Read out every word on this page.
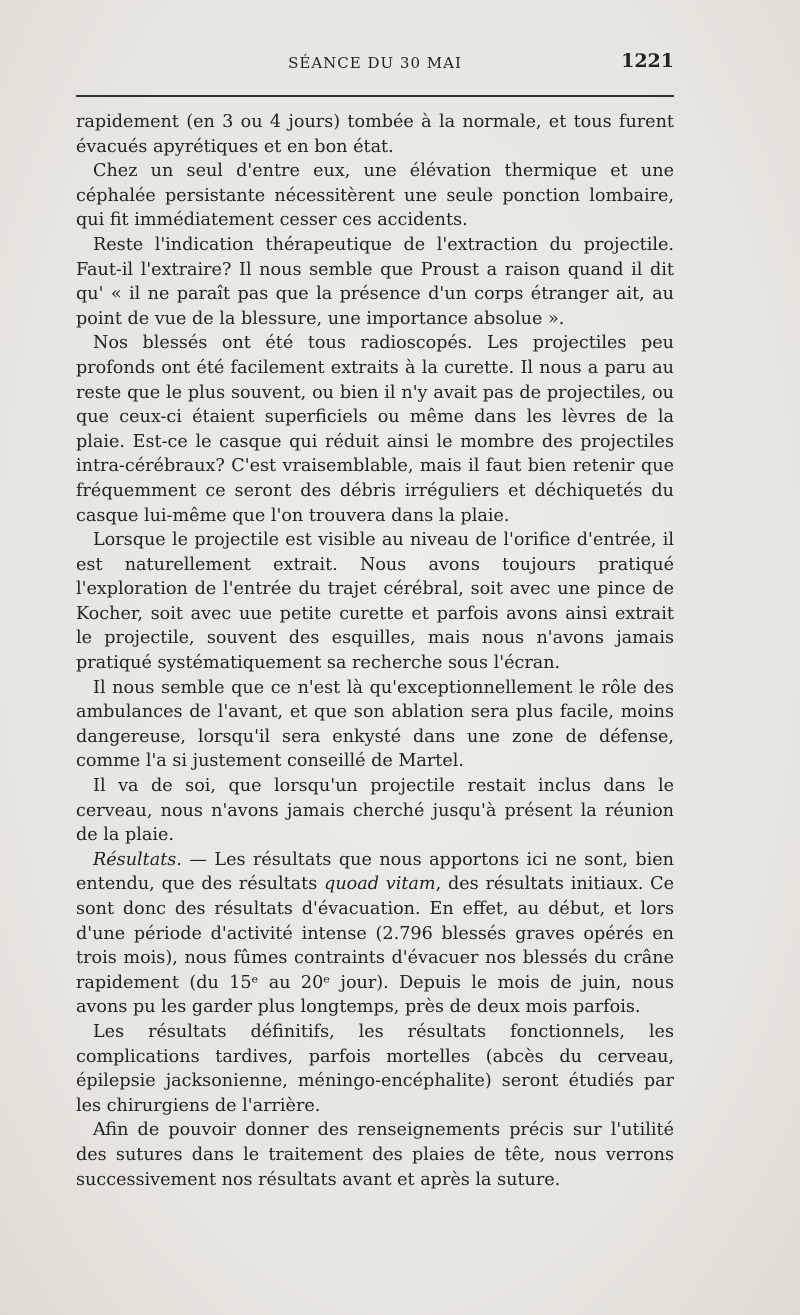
SÉANCE DU 30 MAI	1221

rapidement (en 3 ou 4 jours) tombée à la normale, et tous furent évacués apyrétiques et en bon état.

Chez un seul d'entre eux, une élévation thermique et une céphalée persistante nécessitèrent une seule ponction lombaire, qui fit immédiatement cesser ces accidents.

Reste l'indication thérapeutique de l'extraction du projectile. Faut-il l'extraire? Il nous semble que Proust a raison quand il dit qu' « il ne paraît pas que la présence d'un corps étranger ait, au point de vue de la blessure, une importance absolue ».

Nos blessés ont été tous radioscopés. Les projectiles peu profonds ont été facilement extraits à la curette. Il nous a paru au reste que le plus souvent, ou bien il n'y avait pas de projectiles, ou que ceux-ci étaient superficiels ou même dans les lèvres de la plaie. Est-ce le casque qui réduit ainsi le mombre des projectiles intra-cérébraux? C'est vraisemblable, mais il faut bien retenir que fréquemment ce seront des débris irréguliers et déchiquetés du casque lui-même que l'on trouvera dans la plaie.

Lorsque le projectile est visible au niveau de l'orifice d'entrée, il est naturellement extrait. Nous avons toujours pratiqué l'exploration de l'entrée du trajet cérébral, soit avec une pince de Kocher, soit avec uue petite curette et parfois avons ainsi extrait le projectile, souvent des esquilles, mais nous n'avons jamais pratiqué systématiquement sa recherche sous l'écran.

Il nous semble que ce n'est là qu'exceptionnellement le rôle des ambulances de l'avant, et que son ablation sera plus facile, moins dangereuse, lorsqu'il sera enkysté dans une zone de défense, comme l'a si justement conseillé de Martel.

Il va de soi, que lorsqu'un projectile restait inclus dans le cerveau, nous n'avons jamais cherché jusqu'à présent la réunion de la plaie.

Résultats. — Les résultats que nous apportons ici ne sont, bien entendu, que des résultats quoad vitam, des résultats initiaux. Ce sont donc des résultats d'évacuation. En effet, au début, et lors d'une période d'activité intense (2.796 blessés graves opérés en trois mois), nous fûmes contraints d'évacuer nos blessés du crâne rapidement (du 15ᵉ au 20ᵉ jour). Depuis le mois de juin, nous avons pu les garder plus longtemps, près de deux mois parfois.

Les résultats définitifs, les résultats fonctionnels, les complications tardives, parfois mortelles (abcès du cerveau, épilepsie jacksonienne, méningo-encéphalite) seront étudiés par les chirurgiens de l'arrière.

Afin de pouvoir donner des renseignements précis sur l'utilité des sutures dans le traitement des plaies de tête, nous verrons successivement nos résultats avant et après la suture.
